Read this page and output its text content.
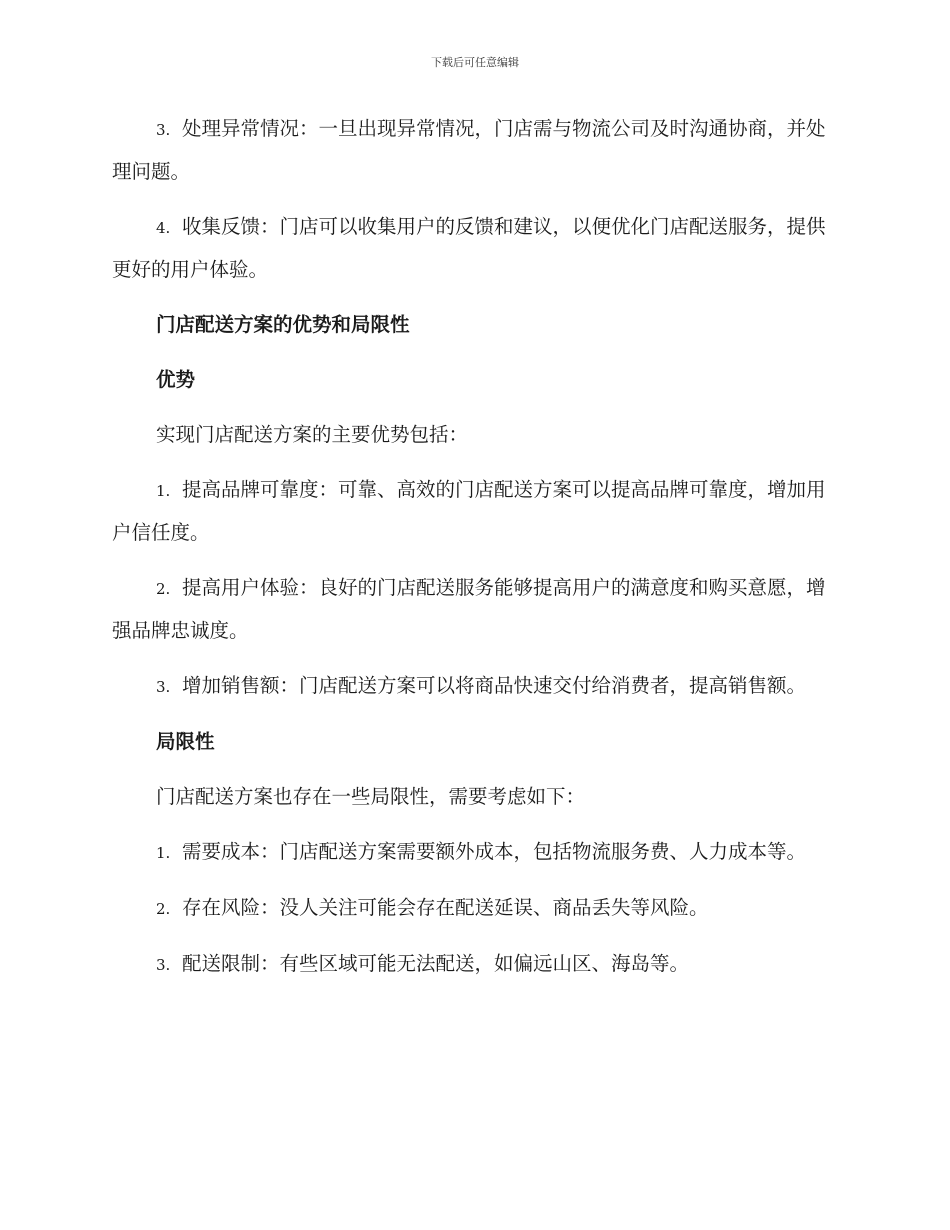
下载后可任意编辑

3. 处理异常情况：一旦出现异常情况，门店需与物流公司及时沟通协商，并处理问题。

4. 收集反馈：门店可以收集用户的反馈和建议，以便优化门店配送服务，提供更好的用户体验。

门店配送方案的优势和局限性

优势

实现门店配送方案的主要优势包括：

1. 提高品牌可靠度：可靠、高效的门店配送方案可以提高品牌可靠度，增加用户信任度。

2. 提高用户体验：良好的门店配送服务能够提高用户的满意度和购买意愿，增强品牌忠诚度。

3. 增加销售额：门店配送方案可以将商品快速交付给消费者，提高销售额。

局限性

门店配送方案也存在一些局限性，需要考虑如下：

1. 需要成本：门店配送方案需要额外成本，包括物流服务费、人力成本等。

2. 存在风险：没人关注可能会存在配送延误、商品丢失等风险。

3. 配送限制：有些区域可能无法配送，如偏远山区、海岛等。
